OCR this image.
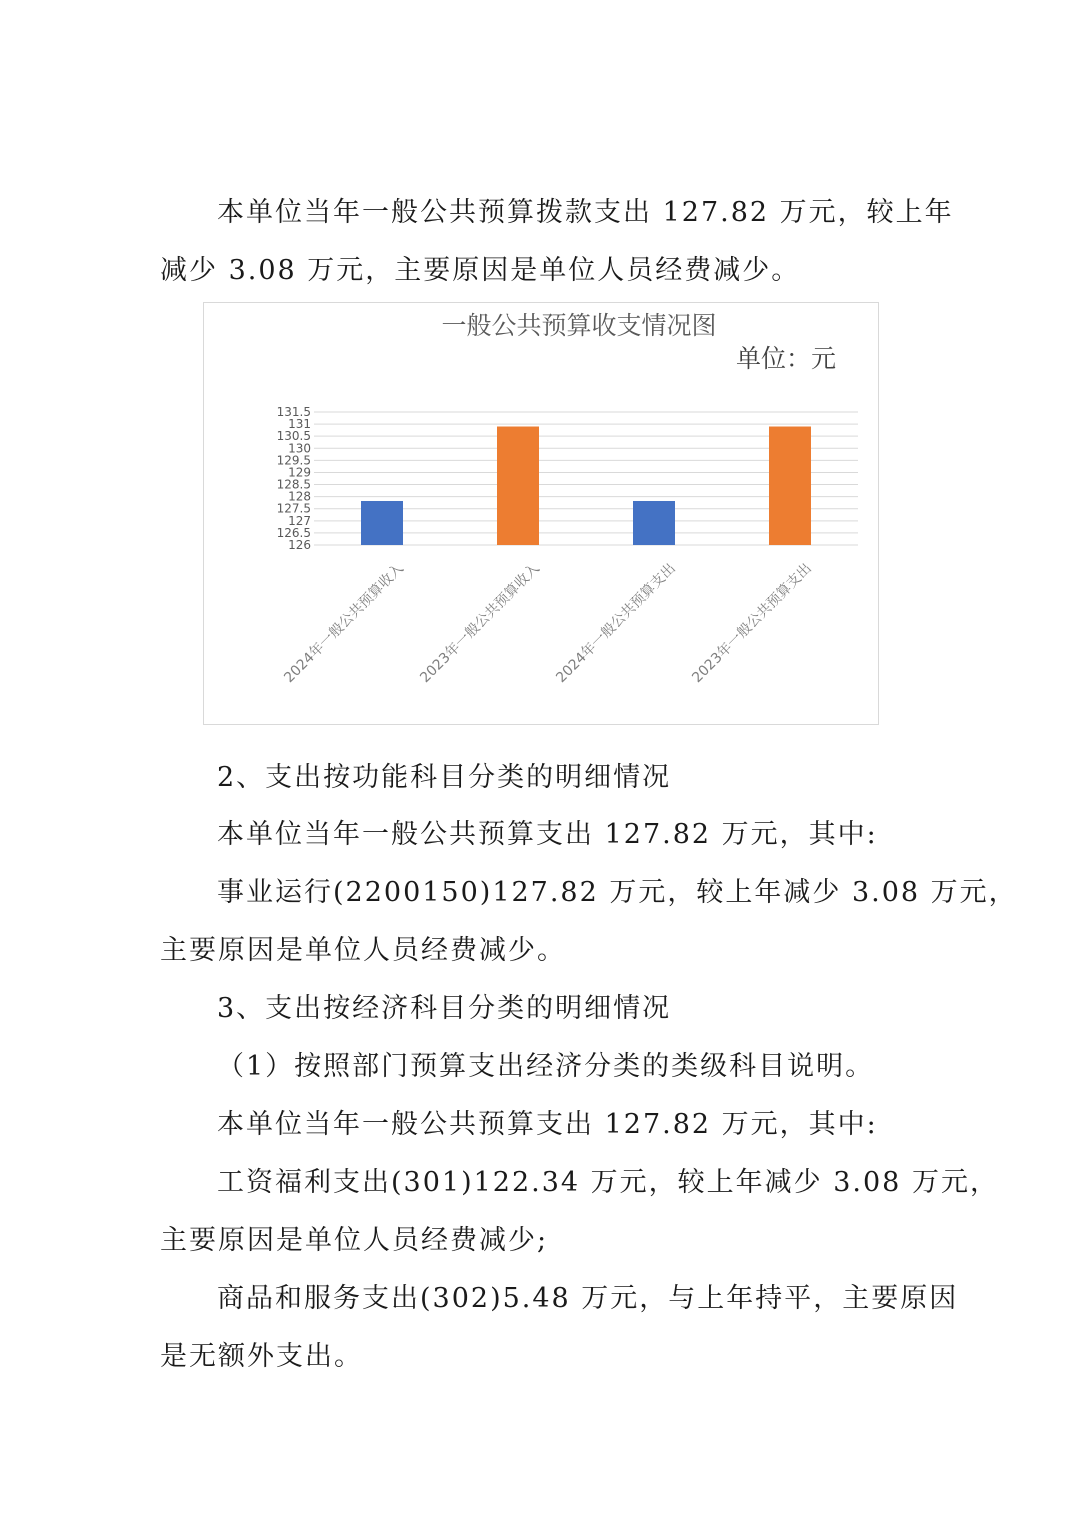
本单位当年一般公共预算拨款支出 127.82 万元，较上年
减少 3.08 万元，主要原因是单位人员经费减少。
一般公共预算收支情况图
单位：元
126
126.5
127
127.5
128
128.5
129
129.5
130
130.5
131
131.5
2024年一般公共预算收入 2023年一般公共预算收入 2024年一般公共预算支出 2023年一般公共预算支出
2、支出按功能科目分类的明细情况
本单位当年一般公共预算支出 127.82 万元，其中:
事业运行(2200150)127.82 万元，较上年减少 3.08 万元，
主要原因是单位人员经费减少。
3、支出按经济科目分类的明细情况
（1）按照部门预算支出经济分类的类级科目说明。
本单位当年一般公共预算支出 127.82 万元，其中:
工资福利支出(301)122.34 万元，较上年减少 3.08 万元，
主要原因是单位人员经费减少;
商品和服务支出(302)5.48 万元，与上年持平，主要原因
是无额外支出。
